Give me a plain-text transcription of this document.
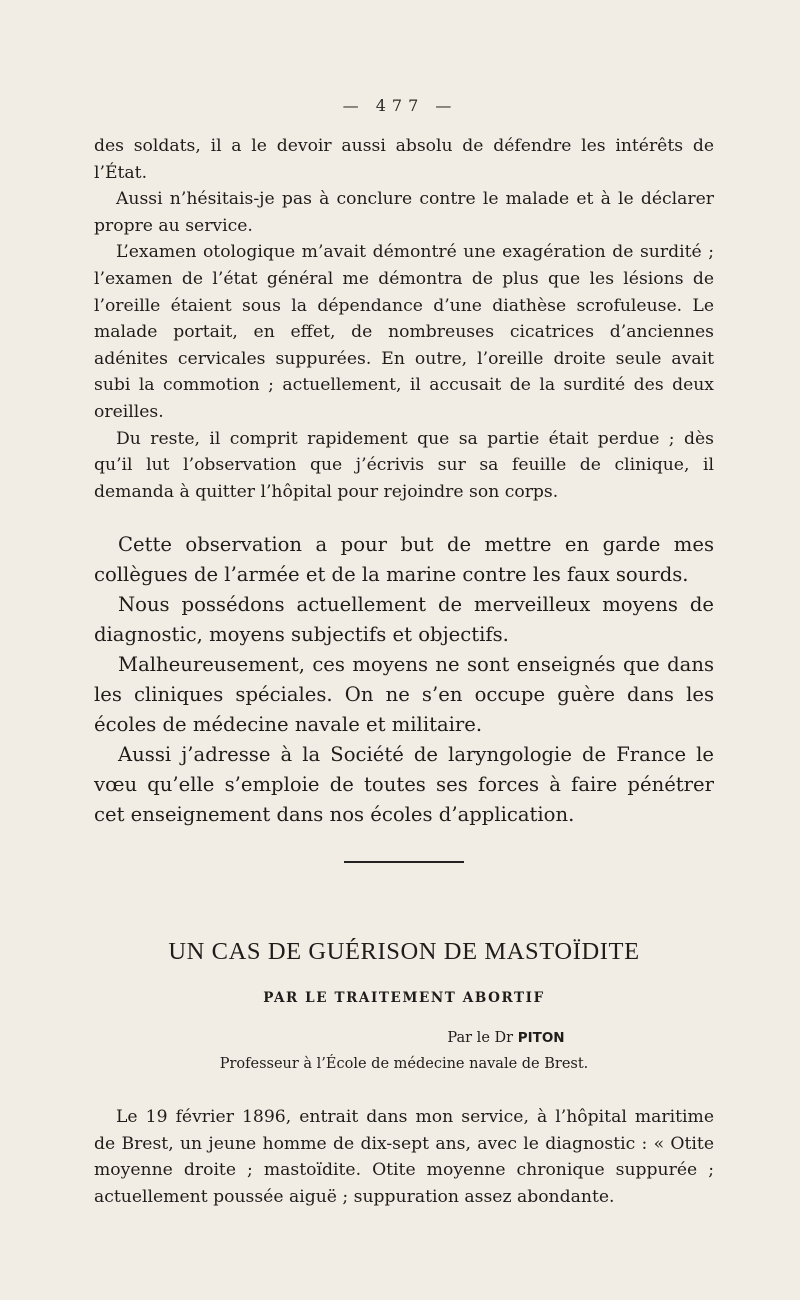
— 477 —

des soldats, il a le devoir aussi absolu de défendre les intérêts de l’État.

Aussi n’hésitais-je pas à conclure contre le malade et à le déclarer propre au service.

L’examen otologique m’avait démontré une exagération de surdité ; l’examen de l’état général me démontra de plus que les lésions de l’oreille étaient sous la dépendance d’une diathèse scrofuleuse. Le malade portait, en effet, de nombreuses cicatrices d’anciennes adénites cervicales suppurées. En outre, l’oreille droite seule avait subi la commotion ; actuellement, il accusait de la surdité des deux oreilles.

Du reste, il comprit rapidement que sa partie était perdue ; dès qu’il lut l’observation que j’écrivis sur sa feuille de clinique, il demanda à quitter l’hôpital pour rejoindre son corps.

Cette observation a pour but de mettre en garde mes collègues de l’armée et de la marine contre les faux sourds.

Nous possédons actuellement de merveilleux moyens de diagnostic, moyens subjectifs et objectifs.

Malheureusement, ces moyens ne sont enseignés que dans les cliniques spéciales. On ne s’en occupe guère dans les écoles de médecine navale et militaire.

Aussi j’adresse à la Société de laryngologie de France le vœu qu’elle s’emploie de toutes ses forces à faire pénétrer cet enseignement dans nos écoles d’application.

UN CAS DE GUÉRISON DE MASTOÏDITE
PAR LE TRAITEMENT ABORTIF
Par le Dr PITON
Professeur à l’École de médecine navale de Brest.

Le 19 février 1896, entrait dans mon service, à l’hôpital maritime de Brest, un jeune homme de dix-sept ans, avec le diagnostic : « Otite moyenne droite ; mastoïdite. Otite moyenne chronique suppurée ; actuellement poussée aiguë ; suppuration assez abondante.
